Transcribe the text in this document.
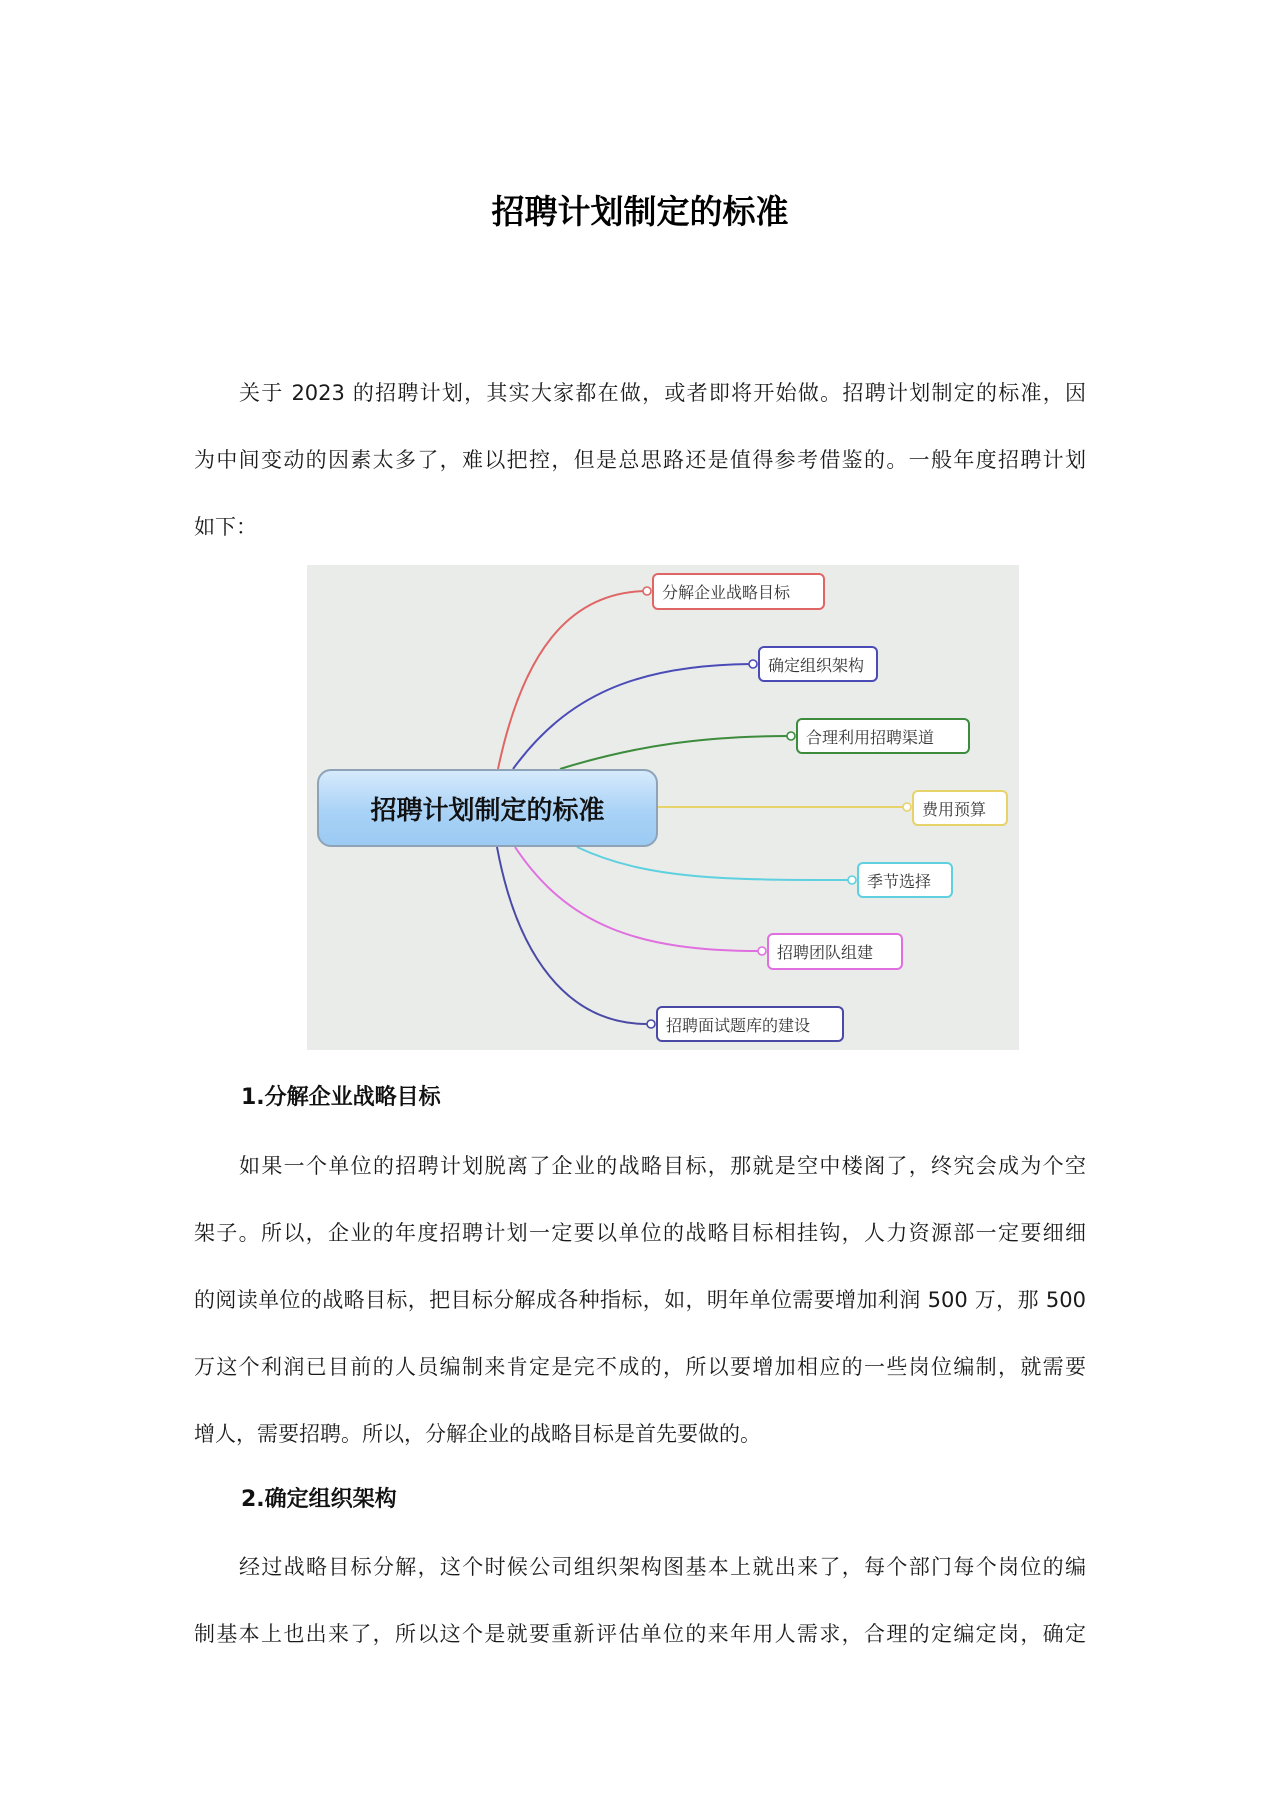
招聘计划制定的标准
关于 2023 的招聘计划，其实大家都在做，或者即将开始做。招聘计划制定的标准，因
为中间变动的因素太多了，难以把控，但是总思路还是值得参考借鉴的。一般年度招聘计划
如下：
招聘计划制定的标准
分解企业战略目标
确定组织架构
合理利用招聘渠道
费用预算
季节选择
招聘团队组建
招聘面试题库的建设
1.分解企业战略目标
如果一个单位的招聘计划脱离了企业的战略目标，那就是空中楼阁了，终究会成为个空
架子。所以，企业的年度招聘计划一定要以单位的战略目标相挂钩，人力资源部一定要细细
的阅读单位的战略目标，把目标分解成各种指标，如，明年单位需要增加利润 500 万，那 500
万这个利润已目前的人员编制来肯定是完不成的，所以要增加相应的一些岗位编制，就需要
增人，需要招聘。所以，分解企业的战略目标是首先要做的。
2.确定组织架构
经过战略目标分解，这个时候公司组织架构图基本上就出来了，每个部门每个岗位的编
制基本上也出来了，所以这个是就要重新评估单位的来年用人需求，合理的定编定岗，确定
